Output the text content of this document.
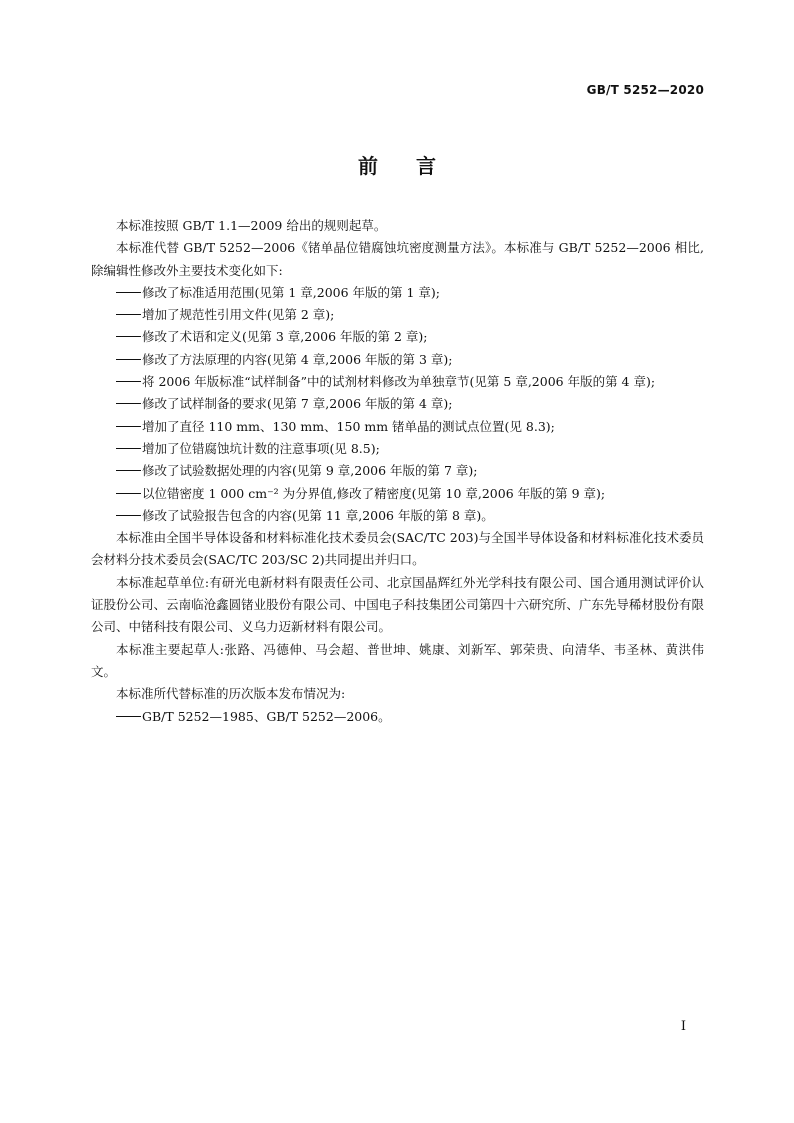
GB/T 5252—2020
前言

本标准按照 GB/T 1.1—2009 给出的规则起草。

本标准代替 GB/T 5252—2006《锗单晶位错腐蚀坑密度测量方法》。本标准与 GB/T 5252—2006 相比,除编辑性修改外主要技术变化如下:

修改了标准适用范围(见第 1 章,2006 年版的第 1 章);

增加了规范性引用文件(见第 2 章);

修改了术语和定义(见第 3 章,2006 年版的第 2 章);

修改了方法原理的内容(见第 4 章,2006 年版的第 3 章);

将 2006 年版标准“试样制备”中的试剂材料修改为单独章节(见第 5 章,2006 年版的第 4 章);

修改了试样制备的要求(见第 7 章,2006 年版的第 4 章);

增加了直径 110 mm、130 mm、150 mm 锗单晶的测试点位置(见 8.3);

增加了位错腐蚀坑计数的注意事项(见 8.5);

修改了试验数据处理的内容(见第 9 章,2006 年版的第 7 章);

以位错密度 1 000 cm⁻² 为分界值,修改了精密度(见第 10 章,2006 年版的第 9 章);

修改了试验报告包含的内容(见第 11 章,2006 年版的第 8 章)。

本标准由全国半导体设备和材料标准化技术委员会(SAC/TC 203)与全国半导体设备和材料标准化技术委员会材料分技术委员会(SAC/TC 203/SC 2)共同提出并归口。

本标准起草单位:有研光电新材料有限责任公司、北京国晶辉红外光学科技有限公司、国合通用测试评价认证股份公司、云南临沧鑫圆锗业股份有限公司、中国电子科技集团公司第四十六研究所、广东先导稀材股份有限公司、中锗科技有限公司、义乌力迈新材料有限公司。

本标准主要起草人:张路、冯德伸、马会超、普世坤、姚康、刘新军、郭荣贵、向清华、韦圣林、黄洪伟文。

本标准所代替标准的历次版本发布情况为:

GB/T 5252—1985、GB/T 5252—2006。

I
